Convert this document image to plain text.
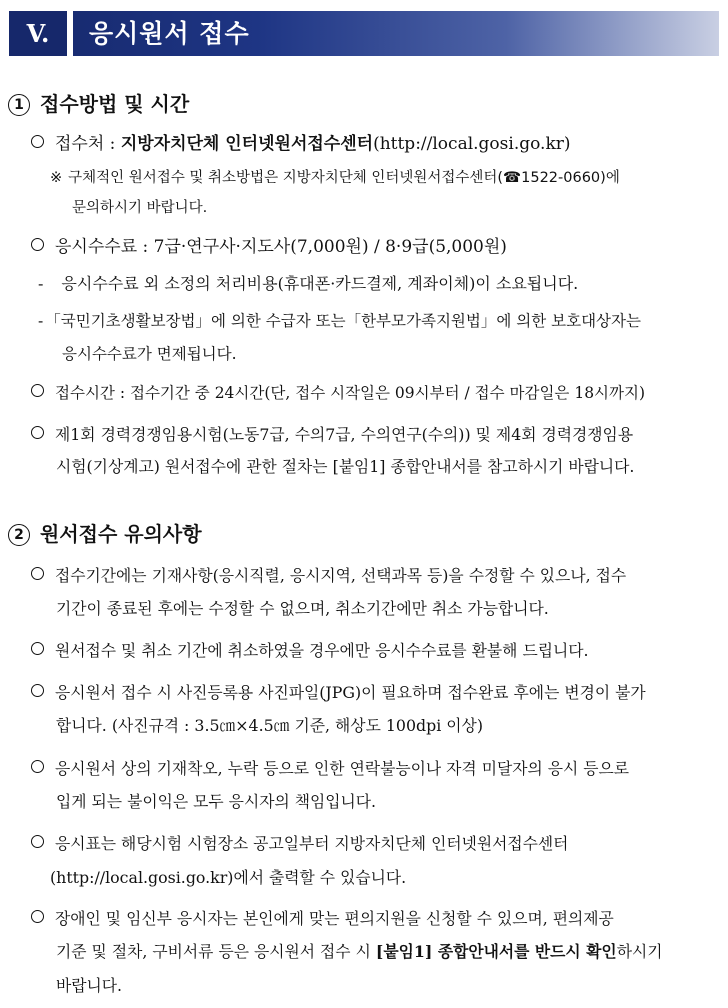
V.	응시원서 접수
1 접수방법 및 시간
접수처 : 지방자치단체 인터넷원서접수센터(http://local.gosi.go.kr)
※ 구체적인 원서접수 및 취소방법은 지방자치단체 인터넷원서접수센터(☎1522-0660)에
문의하시기 바랍니다.
응시수수료 : 7급·연구사·지도사(7,000원) / 8·9급(5,000원)
- 응시수수료 외 소정의 처리비용(휴대폰·카드결제, 계좌이체)이 소요됩니다.
- 「국민기초생활보장법」에 의한 수급자 또는「한부모가족지원법」에 의한 보호대상자는
응시수수료가 면제됩니다.
접수시간 : 접수기간 중 24시간(단, 접수 시작일은 09시부터 / 접수 마감일은 18시까지)
제1회 경력경쟁임용시험(노동7급, 수의7급, 수의연구(수의)) 및 제4회 경력경쟁임용
시험(기상계고) 원서접수에 관한 절차는 [붙임1] 종합안내서를 참고하시기 바랍니다.
2 원서접수 유의사항
접수기간에는 기재사항(응시직렬, 응시지역, 선택과목 등)을 수정할 수 있으나, 접수
기간이 종료된 후에는 수정할 수 없으며, 취소기간에만 취소 가능합니다.
원서접수 및 취소 기간에 취소하였을 경우에만 응시수수료를 환불해 드립니다.
응시원서 접수 시 사진등록용 사진파일(JPG)이 필요하며 접수완료 후에는 변경이 불가
합니다. (사진규격 : 3.5㎝×4.5㎝ 기준, 해상도 100dpi 이상)
응시원서 상의 기재착오, 누락 등으로 인한 연락불능이나 자격 미달자의 응시 등으로
입게 되는 불이익은 모두 응시자의 책임입니다.
응시표는 해당시험 시험장소 공고일부터 지방자치단체 인터넷원서접수센터
(http://local.gosi.go.kr)에서 출력할 수 있습니다.
장애인 및 임신부 응시자는 본인에게 맞는 편의지원을 신청할 수 있으며, 편의제공
기준 및 절차, 구비서류 등은 응시원서 접수 시 [붙임1] 종합안내서를 반드시 확인하시기
바랍니다.
